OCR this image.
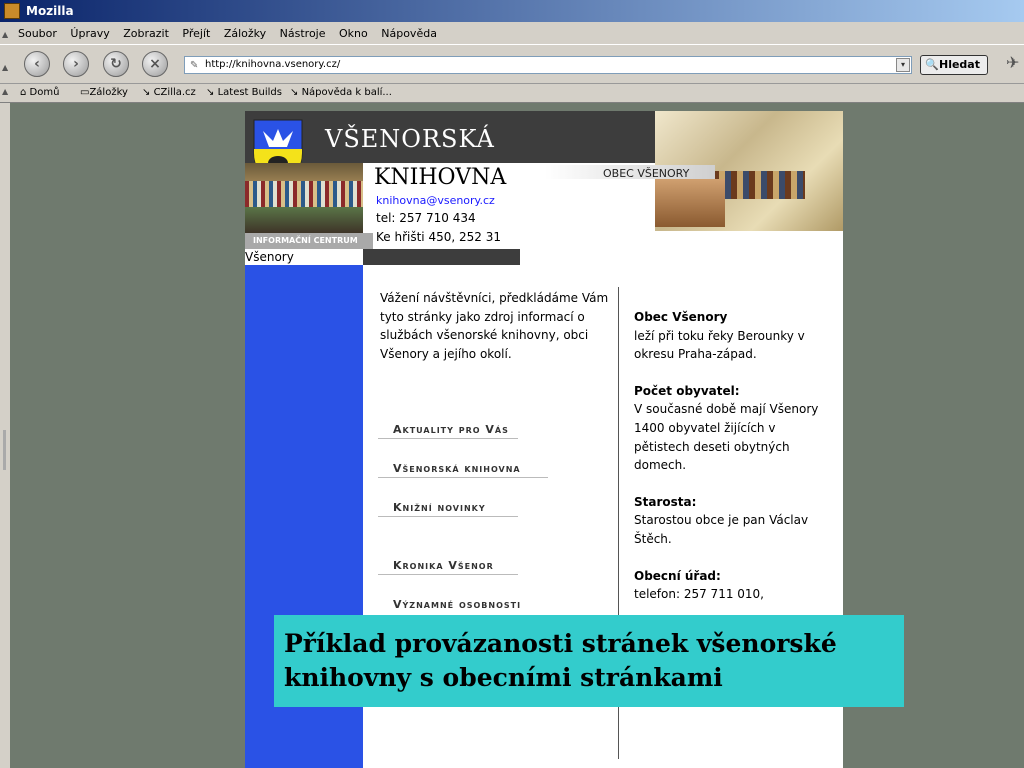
Mozilla
▲ Soubor Úpravy Zobrazit Přejít Záložky Nástroje Okno Nápověda
▲	‹	›	↻	×	✎ http://knihovna.vsenory.cz/	▾	🔍 Hledat	✈
▲ ⌂ Domů ▭Záložky ↘ CZilla.cz ↘ Latest Builds ↘ Nápověda k balí...
VŠENORSKÁ
INFORMAČNÍ CENTRUM
OBEC VŠENORY
KNIHOVNA
knihovna@vsenory.cz
tel: 257 710 434
Ke hřišti 450, 252 31
Všenory
Vážení návštěvníci, předkládáme Vám tyto stránky jako zdroj informací o službách všenorské knihovny, obci Všenory a jejího okolí.
Aktuality pro Vás
Všenorská knihovna
Knižní novinky
Kronika Všenor
Významné osobnosti
Obec Všenory
leží při toku řeky Berounky v okresu Praha-západ.
Počet obyvatel:
V současné době mají Všenory 1400 obyvatel žijících v pětistech deseti obytných domech.
Starosta:
Starostou obce je pan Václav Štěch.
Obecní úřad:
telefon: 257 711 010,
Příklad provázanosti stránek všenorské
knihovny s obecními stránkami
